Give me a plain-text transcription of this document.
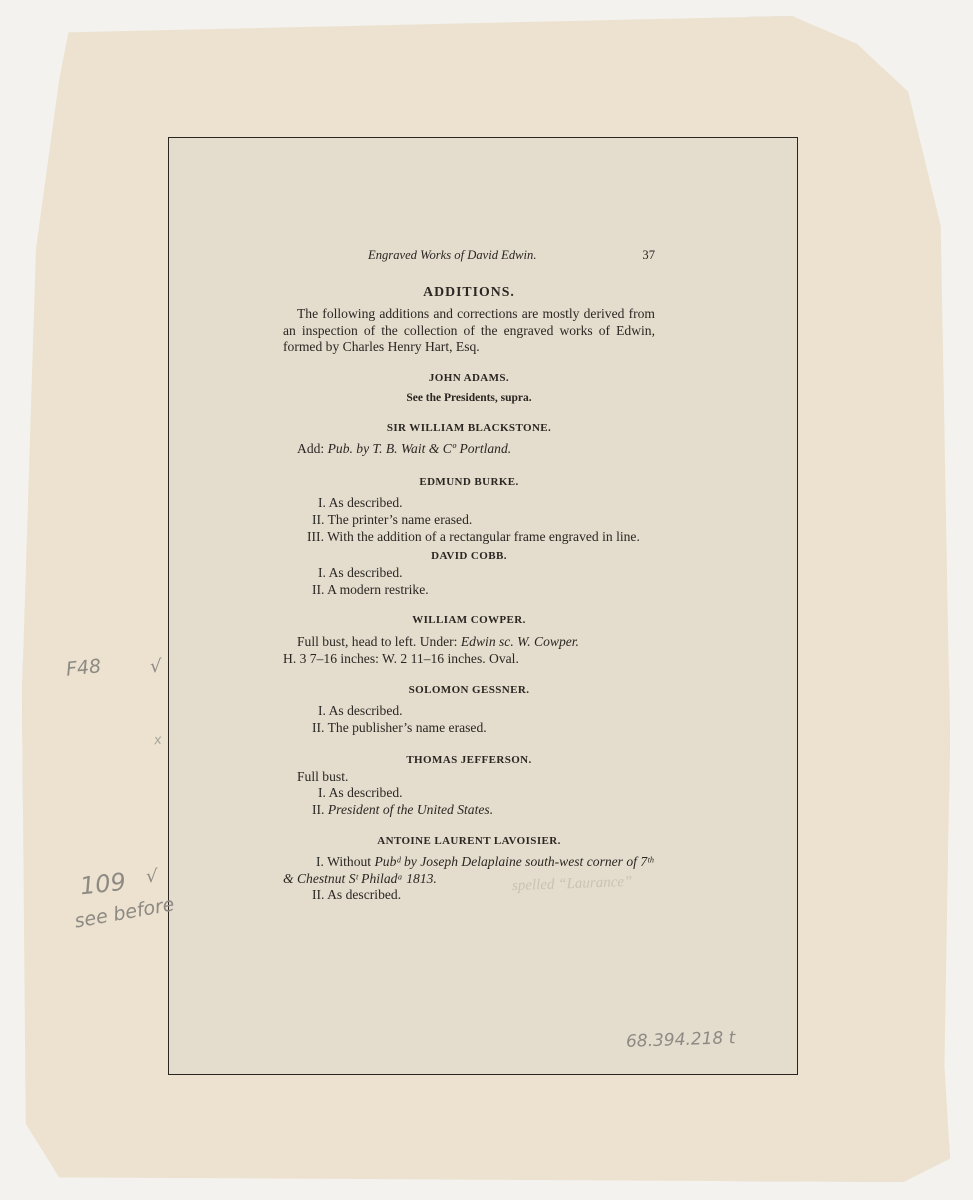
Engraved Works of David Edwin.	37
ADDITIONS.
The following additions and corrections are mostly derived from an inspection of the collection of the engraved works of Edwin, formed by Charles Henry Hart, Esq.
JOHN ADAMS.
See the Presidents, supra.
SIR WILLIAM BLACKSTONE.
Add: Pub. by T. B. Wait & Cº Portland.
EDMUND BURKE.
I. As described.
II. The printer’s name erased.
III. With the addition of a rectangular frame engraved in line.
DAVID COBB.
I. As described.
II. A modern restrike.
WILLIAM COWPER.
Full bust, head to left. Under: Edwin sc. W. Cowper.
H. 3 7–16 inches: W. 2 11–16 inches. Oval.
SOLOMON GESSNER.
I. As described.
II. The publisher’s name erased.
THOMAS JEFFERSON.
Full bust.
I. As described.
II. President of the United States.
ANTOINE LAURENT LAVOISIER.
I. Without Pubᵈ by Joseph Delaplaine south-west corner of 7ᵗʰ & Chestnut Sᵗ Philadᵃ 1813.
II. As described.
F48	√
x
109 √
see before
spelled “Laurance”
68.394.218 t
